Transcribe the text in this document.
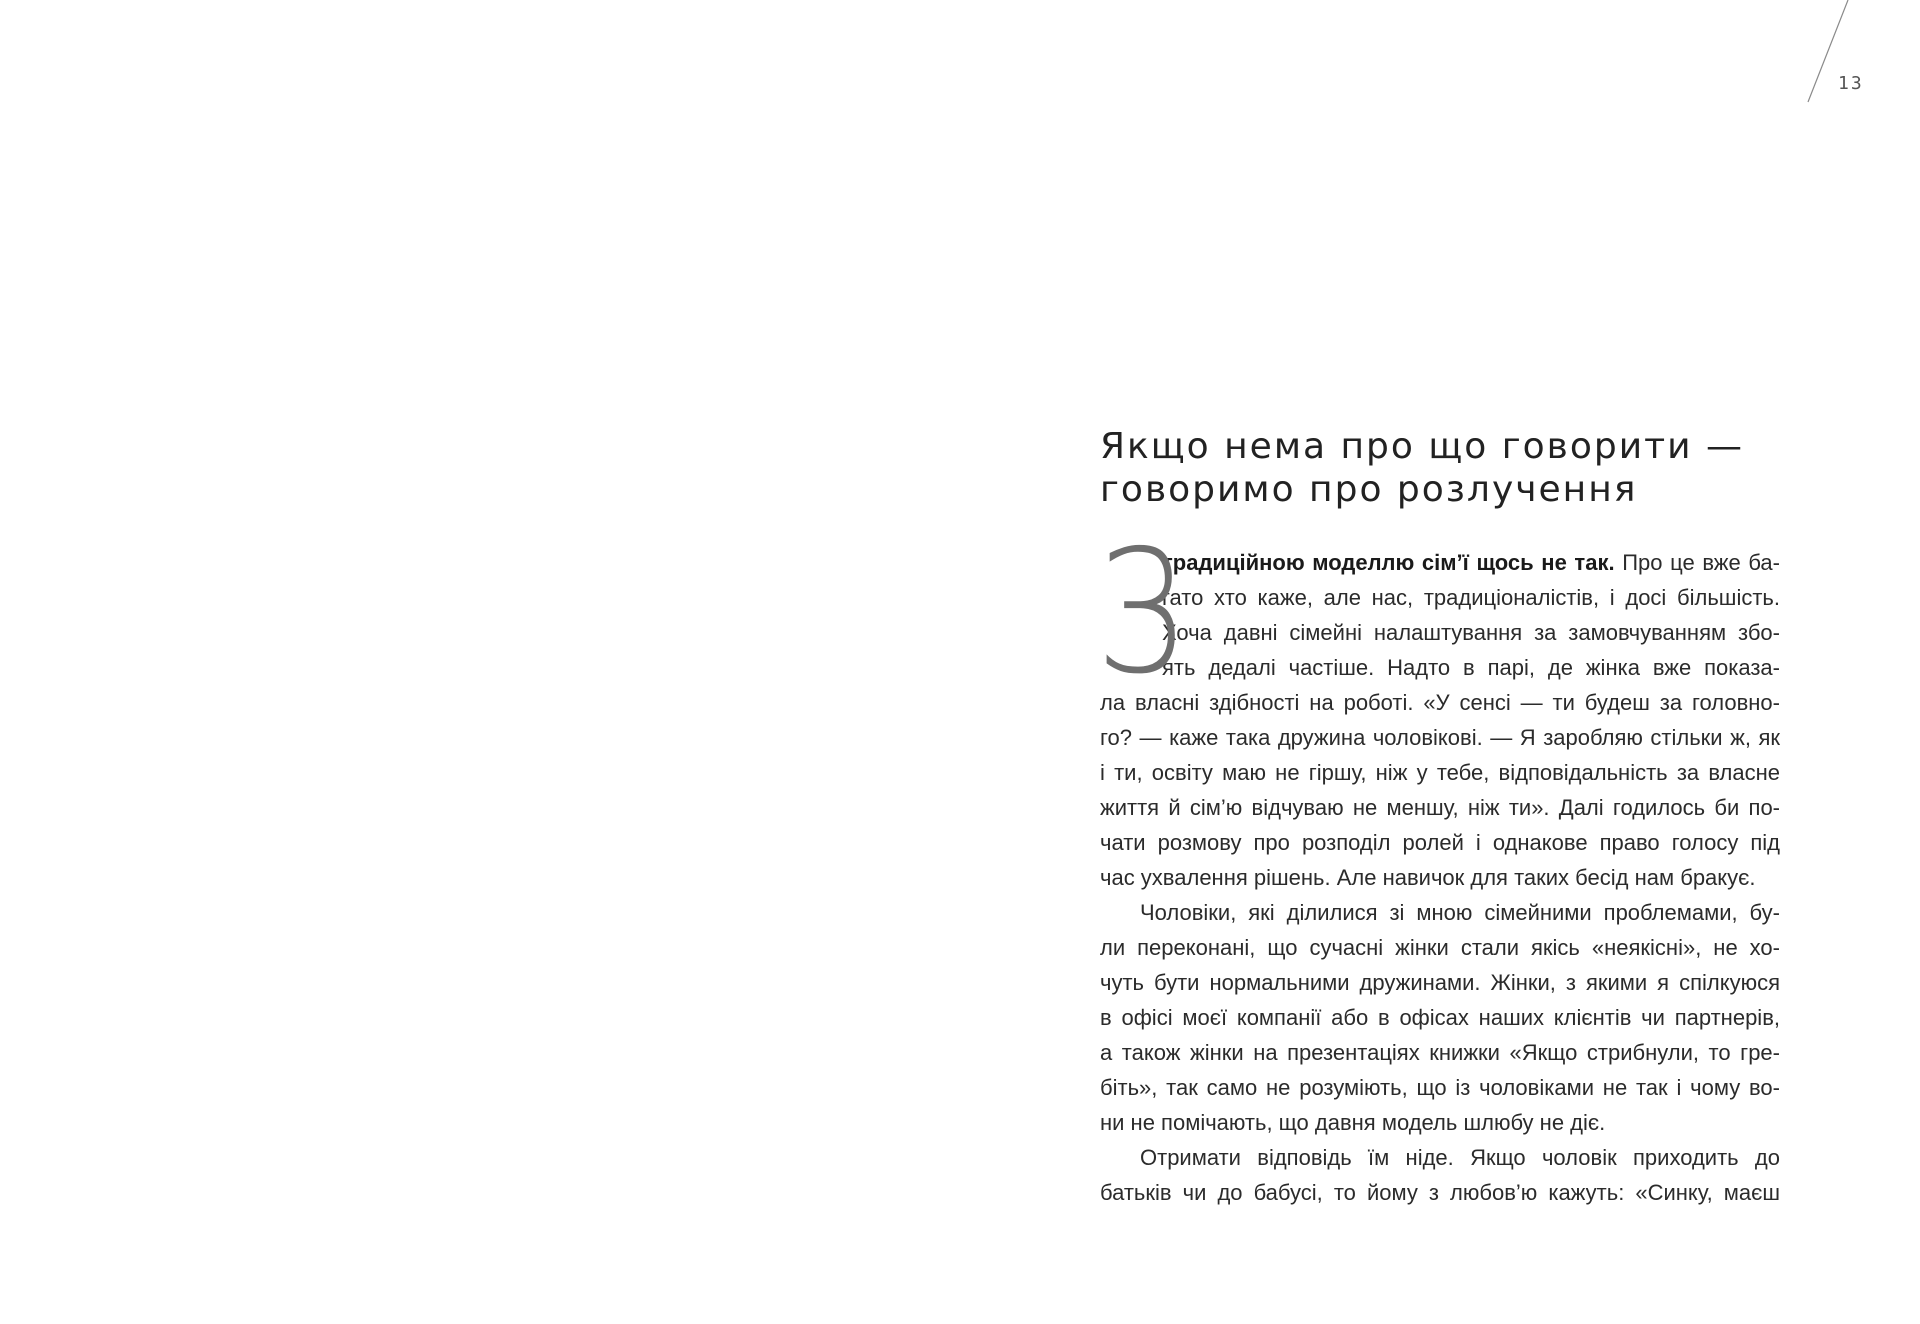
13
Якщо нема про що говорити —
говоримо про розлучення
З
традиційною моделлю сім’ї щось не так. Про це вже ба-
гато хто каже, але нас, традиціоналістів, і досі більшість.
Хоча давні сімейні налаштування за замовчуванням збо-
ять дедалі частіше. Надто в парі, де жінка вже показа-
ла власні здібності на роботі. «У сенсі — ти будеш за головно-
го? — каже така дружина чоловікові. — Я заробляю стільки ж, як
і ти, освіту маю не гіршу, ніж у тебе, відповідальність за власне
життя й сім’ю відчуваю не меншу, ніж ти». Далі годилось би по-
чати розмову про розподіл ролей і однакове право голосу під
час ухвалення рішень. Але навичок для таких бесід нам бракує.
Чоловіки, які ділилися зі мною сімейними проблемами, бу-
ли переконані, що сучасні жінки стали якісь «неякісні», не хо-
чуть бути нормальними дружинами. Жінки, з якими я спілкуюся
в офісі моєї компанії або в офісах наших клієнтів чи партнерів,
а також жінки на презентаціях книжки «Якщо стрибнули, то гре-
біть», так само не розуміють, що із чоловіками не так і чому во-
ни не помічають, що давня модель шлюбу не діє.
Отримати відповідь їм ніде. Якщо чоловік приходить до
батьків чи до бабусі, то йому з любов’ю кажуть: «Синку, маєш
